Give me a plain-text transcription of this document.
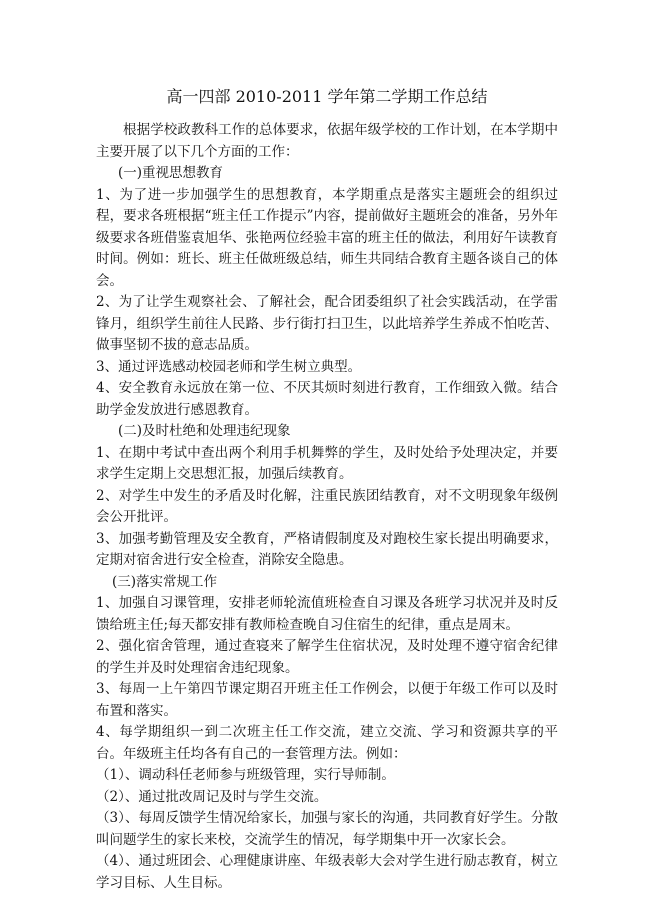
高一四部 2010-2011 学年第二学期工作总结

根据学校政教科工作的总体要求，依据年级学校的工作计划，在本学期中主要开展了以下几个方面的工作：

(一)重视思想教育

1、为了进一步加强学生的思想教育，本学期重点是落实主题班会的组织过程，要求各班根据“班主任工作提示”内容，提前做好主题班会的准备，另外年级要求各班借鉴袁旭华、张艳两位经验丰富的班主任的做法，利用好午读教育时间。例如：班长、班主任做班级总结，师生共同结合教育主题各谈自己的体会。

2、为了让学生观察社会、了解社会，配合团委组织了社会实践活动，在学雷锋月，组织学生前往人民路、步行街打扫卫生，以此培养学生养成不怕吃苦、做事坚韧不拔的意志品质。

3、通过评选感动校园老师和学生树立典型。

4、安全教育永远放在第一位、不厌其烦时刻进行教育，工作细致入微。结合助学金发放进行感恩教育。

(二)及时杜绝和处理违纪现象

1、在期中考试中查出两个利用手机舞弊的学生，及时处给予处理决定，并要求学生定期上交思想汇报，加强后续教育。

2、对学生中发生的矛盾及时化解，注重民族团结教育，对不文明现象年级例会公开批评。

3、加强考勤管理及安全教育，严格请假制度及对跑校生家长提出明确要求，定期对宿舍进行安全检查，消除安全隐患。

(三)落实常规工作

1、加强自习课管理，安排老师轮流值班检查自习课及各班学习状况并及时反馈给班主任;每天都安排有教师检查晚自习住宿生的纪律，重点是周末。

2、强化宿舍管理，通过查寝来了解学生住宿状况，及时处理不遵守宿舍纪律的学生并及时处理宿舍违纪现象。

3、每周一上午第四节课定期召开班主任工作例会，以便于年级工作可以及时布置和落实。

4、每学期组织一到二次班主任工作交流，建立交流、学习和资源共享的平台。年级班主任均各有自己的一套管理方法。例如：

（1）、调动科任老师参与班级管理，实行导师制。

（2）、通过批改周记及时与学生交流。

（3）、每周反馈学生情况给家长，加强与家长的沟通，共同教育好学生。分散叫问题学生的家长来校，交流学生的情况，每学期集中开一次家长会。

（4）、通过班团会、心理健康讲座、年级表彰大会对学生进行励志教育，树立学习目标、人生目标。
